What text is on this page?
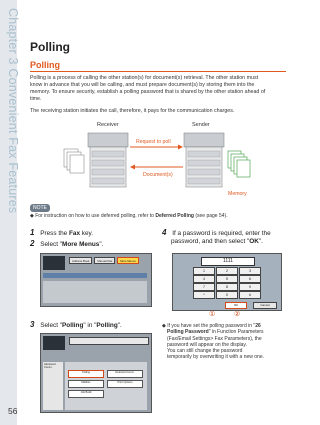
Chapter 3 Convenient Fax Features
56
Polling
Polling
Polling is a process of calling the other station(s) for document(s) retrieval. The other station must
know in advance that you will be calling, and must prepare document(s) by storing them into the
memory. To ensure security, establish a polling password that is shared by the other station ahead of
time.
The receiving station initiates the call, therefore, it pays for the communication charges.
Receiver	Sender
Request to poll
Document(s)
Memory
NOTE
◆ For instruction on how to use deferred polling, refer to Deferred Polling (see page 54).
1 Press the Fax key.
2 Select "More Menus".
Address Book	Manual Dial	More Menus
3 Select "Polling" in "Polling".
Advanced Comm.
Polling	Deferred Comm.
Mailbox	Print Options
Job Build
4 If a password is required, enter the
password, and then select "OK".
1111
1	2	3
4	5	6
7	8	9
*	0	#
OK	Cancel
①	②
◆ If you have set the polling password in "26
Polling Password" in Function Parameters
(Fax/Email Settings> Fax Parameters), the
password will appear on the display.
You can still change the password
temporarily by overwriting it with a new one.
